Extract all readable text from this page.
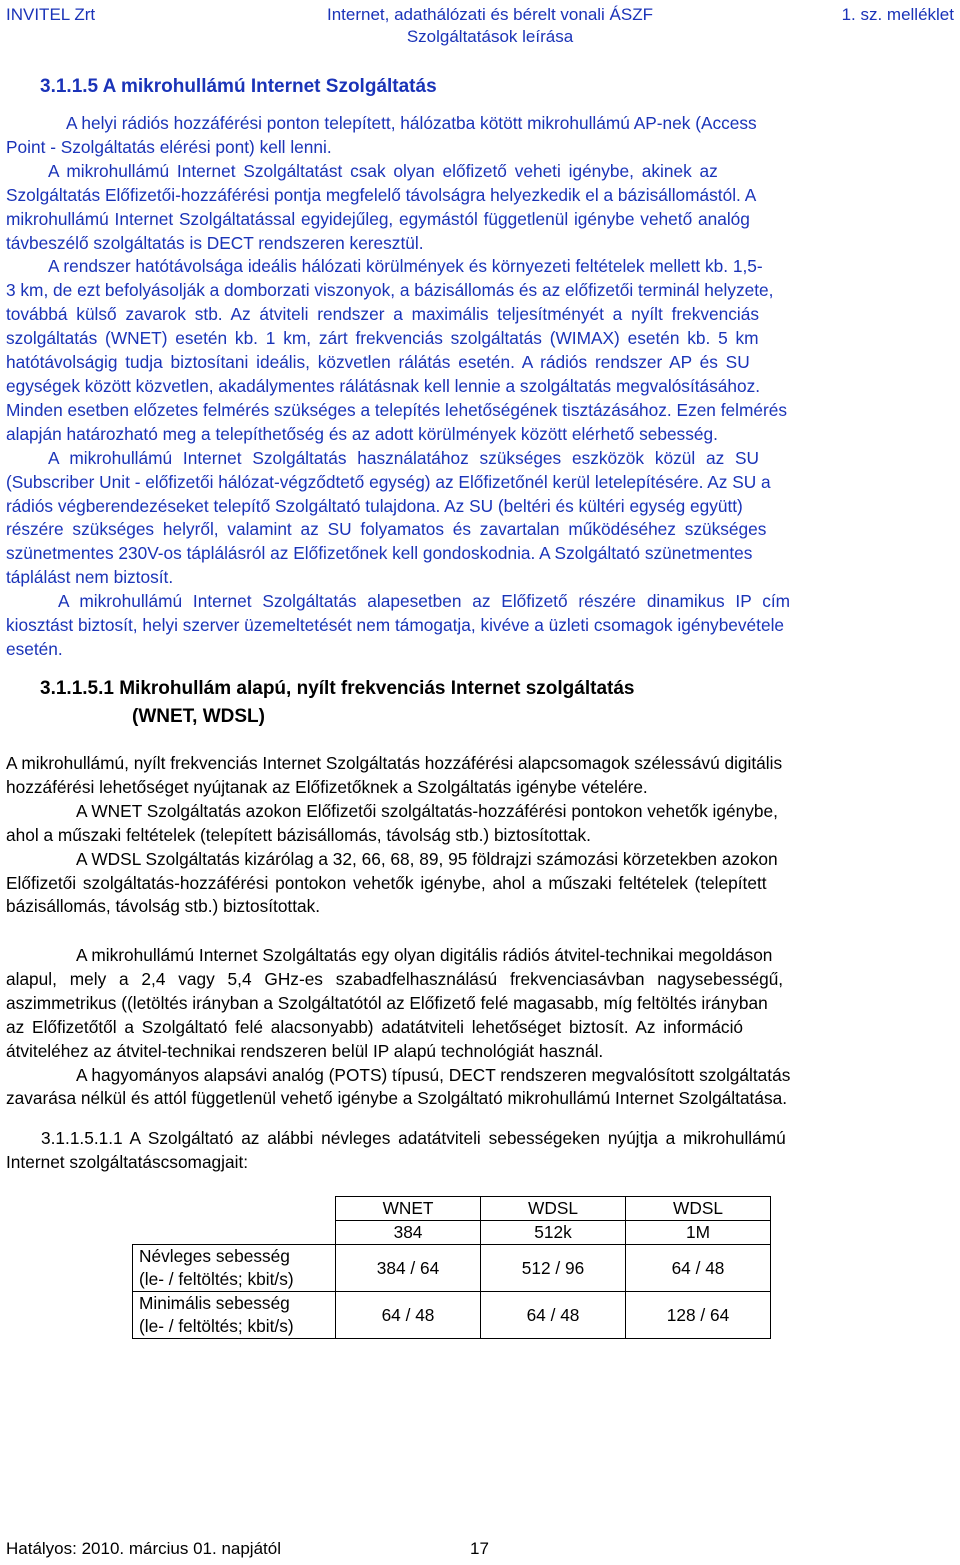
INVITEL Zrt	Internet, adathálózati és bérelt vonali ÁSZF
Szolgáltatások leírása
1. sz. melléklet
3.1.1.5 A mikrohullámú Internet Szolgáltatás
A helyi rádiós hozzáférési ponton telepített, hálózatba kötött mikrohullámú AP-nek (Access
Point - Szolgáltatás elérési pont) kell lenni.
A mikrohullámú Internet Szolgáltatást csak olyan előfizető veheti igénybe, akinek az
Szolgáltatás Előfizetői-hozzáférési pontja megfelelő távolságra helyezkedik el a bázisállomástól. A
mikrohullámú Internet Szolgáltatással egyidejűleg, egymástól függetlenül igénybe vehető analóg
távbeszélő szolgáltatás is DECT rendszeren keresztül.
A rendszer hatótávolsága ideális hálózati körülmények és környezeti feltételek mellett kb. 1,5-
3 km, de ezt befolyásolják a domborzati viszonyok, a bázisállomás és az előfizetői terminál helyzete,
továbbá külső zavarok stb. Az átviteli rendszer a maximális teljesítményét a nyílt frekvenciás
szolgáltatás (WNET) esetén kb. 1 km, zárt frekvenciás szolgáltatás (WIMAX) esetén kb. 5 km
hatótávolságig tudja biztosítani ideális, közvetlen rálátás esetén. A rádiós rendszer AP és SU
egységek között közvetlen, akadálymentes rálátásnak kell lennie a szolgáltatás megvalósításához.
Minden esetben előzetes felmérés szükséges a telepítés lehetőségének tisztázásához. Ezen felmérés
alapján határozható meg a telepíthetőség és az adott körülmények között elérhető sebesség.
A mikrohullámú Internet Szolgáltatás használatához szükséges eszközök közül az SU
(Subscriber Unit - előfizetői hálózat-végződtető egység) az Előfizetőnél kerül letelepítésére. Az SU a
rádiós végberendezéseket telepítő Szolgáltató tulajdona. Az SU (beltéri és kültéri egység együtt)
részére szükséges helyről, valamint az SU folyamatos és zavartalan működéséhez szükséges
szünetmentes 230V-os táplálásról az Előfizetőnek kell gondoskodnia. A Szolgáltató szünetmentes
táplálást nem biztosít.
A mikrohullámú Internet Szolgáltatás alapesetben az Előfizető részére dinamikus IP cím
kiosztást biztosít, helyi szerver üzemeltetését nem támogatja, kivéve a üzleti csomagok igénybevétele
esetén.
3.1.1.5.1 Mikrohullám alapú, nyílt frekvenciás Internet szolgáltatás
(WNET, WDSL)
A mikrohullámú, nyílt frekvenciás Internet Szolgáltatás hozzáférési alapcsomagok szélessávú digitális
hozzáférési lehetőséget nyújtanak az Előfizetőknek a Szolgáltatás igénybe vételére.
A WNET Szolgáltatás azokon Előfizetői szolgáltatás-hozzáférési pontokon vehetők igénybe,
ahol a műszaki feltételek (telepített bázisállomás, távolság stb.) biztosítottak.
A WDSL Szolgáltatás kizárólag a 32, 66, 68, 89, 95 földrajzi számozási körzetekben azokon
Előfizetői szolgáltatás-hozzáférési pontokon vehetők igénybe, ahol a műszaki feltételek (telepített
bázisállomás, távolság stb.) biztosítottak.
A mikrohullámú Internet Szolgáltatás egy olyan digitális rádiós átvitel-technikai megoldáson
alapul, mely a 2,4 vagy 5,4 GHz-es szabadfelhasználású frekvenciasávban nagysebességű,
aszimmetrikus ((letöltés irányban a Szolgáltatótól az Előfizető felé magasabb, míg feltöltés irányban
az Előfizetőtől a Szolgáltató felé alacsonyabb) adatátviteli lehetőséget biztosít. Az információ
átviteléhez az átvitel-technikai rendszeren belül IP alapú technológiát használ.
A hagyományos alapsávi analóg (POTS) típusú, DECT rendszeren megvalósított szolgáltatás
zavarása nélkül és attól függetlenül vehető igénybe a Szolgáltató mikrohullámú Internet Szolgáltatása.
3.1.1.5.1.1 A Szolgáltató az alábbi névleges adatátviteli sebességeken nyújtja a mikrohullámú
Internet szolgáltatáscsomagjait:
	WNET	WDSL	WDSL
	384	512k	1M

Névleges sebesség
(le- / feltöltés; kbit/s)	384 / 64	512 / 96	64 / 48

Minimális sebesség
(le- / feltöltés; kbit/s)	64 / 48	64 / 48	128 / 64
Hatályos: 2010. március 01. napjától	17
